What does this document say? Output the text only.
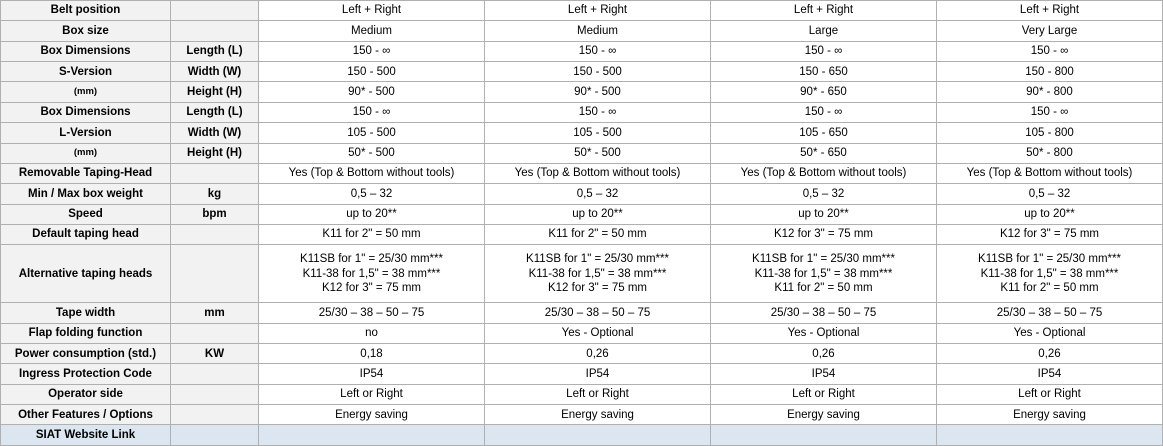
Belt position		Left + Right	Left + Right	Left + Right	Left + Right
Box size		Medium	Medium	Large	Very Large
Box Dimensions	Length (L)	150 - ∞	150 - ∞	150 - ∞	150 - ∞
S-Version	Width (W)	150 - 500	150 - 500	150 - 650	150 - 800

(mm)	Height (H)	90* - 500	90* - 500	90* - 650	90* - 800
Box Dimensions	Length (L)	150 - ∞	150 - ∞	150 - ∞	150 - ∞
L-Version	Width (W)	105 - 500	105 - 500	105 - 650	105 - 800

(mm)	Height (H)	50* - 500	50* - 500	50* - 650	50* - 800
Removable Taping-Head		Yes (Top & Bottom without tools)	Yes (Top & Bottom without tools)	Yes (Top & Bottom without tools)	Yes (Top & Bottom without tools)
Min / Max box weight	kg	0,5 – 32	0,5 – 32	0,5 – 32	0,5 – 32
Speed	bpm	up to 20**	up to 20**	up to 20**	up to 20**
Default taping head		K11 for 2" = 50 mm	K11 for 2" = 50 mm	K12 for 3" = 75 mm	K12 for 3" = 75 mm
Alternative taping heads		K11SB for 1" = 25/30 mm***
K11-38 for 1,5" = 38 mm***
K12 for 3" = 75 mm	K11SB for 1" = 25/30 mm***
K11-38 for 1,5" = 38 mm***
K12 for 3" = 75 mm	K11SB for 1" = 25/30 mm***
K11-38 for 1,5" = 38 mm***
K11 for 2" = 50 mm	K11SB for 1" = 25/30 mm***
K11-38 for 1,5" = 38 mm***
K11 for 2" = 50 mm

Tape width	mm	25/30 – 38 – 50 – 75	25/30 – 38 – 50 – 75	25/30 – 38 – 50 – 75	25/30 – 38 – 50 – 75
Flap folding function		no	Yes - Optional	Yes - Optional	Yes - Optional
Power consumption (std.)	KW	0,18	0,26	0,26	0,26
Ingress Protection Code		IP54	IP54	IP54	IP54
Operator side		Left or Right	Left or Right	Left or Right	Left or Right
Other Features / Options		Energy saving	Energy saving	Energy saving	Energy saving
SIAT Website Link					
